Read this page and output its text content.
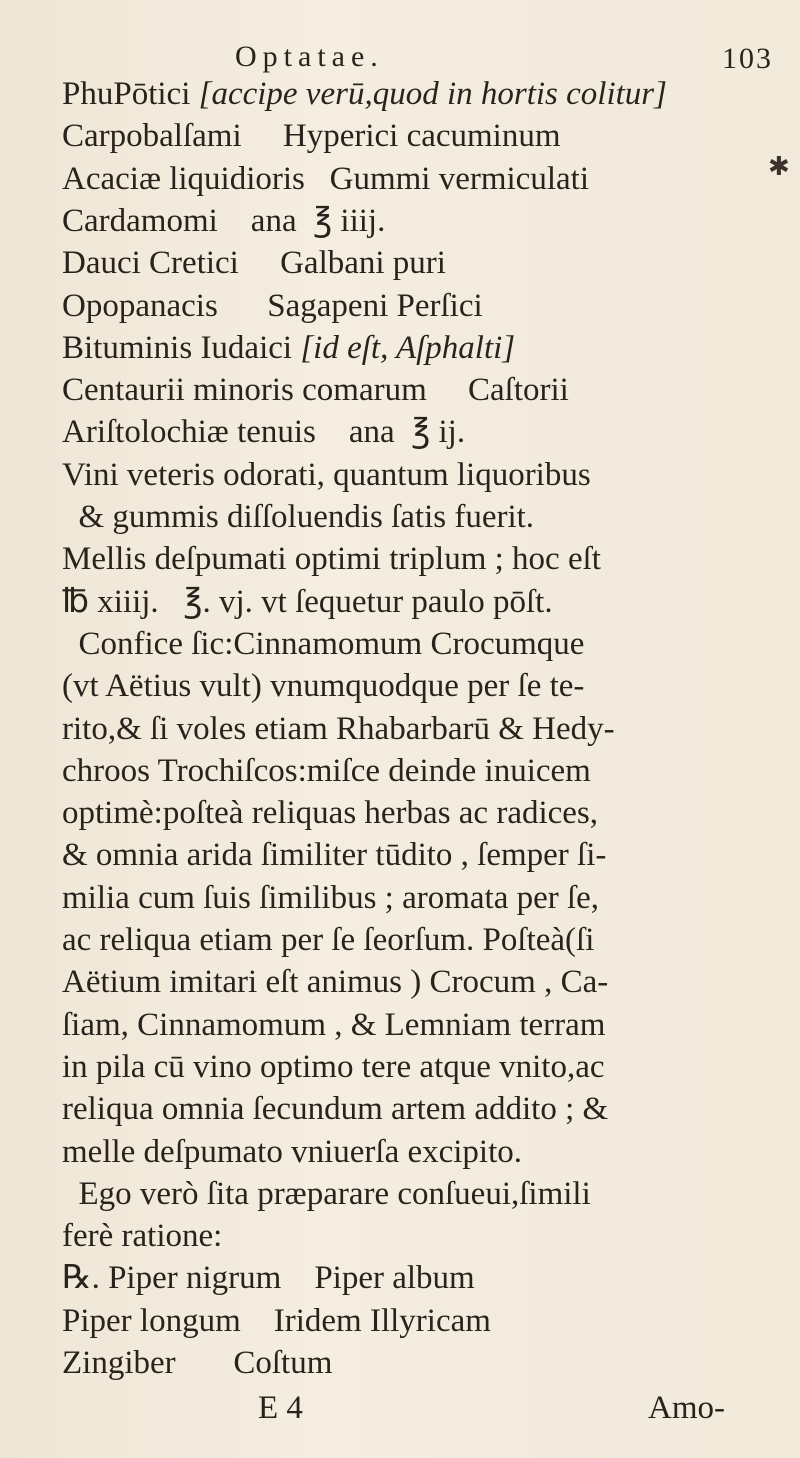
Optatae.	103
PhuPōtici [accipe verū,quod in hortis colitur]
Carpobalſami     Hyperici cacuminum
Acaciæ liquidioris   Gummi vermiculati
Cardamomi    ana  ℥ iiij.
Dauci Cretici     Galbani puri
Opopanacis      Sagapeni Perſici
Bituminis Iudaici [id eſt, Aſphalti]
Centaurii minoris comarum     Caſtorii
Ariſtolochiæ tenuis    ana  ℥ ij.
Vini veteris odorati, quantum liquoribus
& gummis diſſoluendis ſatis fuerit.
Mellis deſpumati optimi triplum ; hoc eſt
℔ xiiij.   ℥. vj. vt ſequetur paulo pōſt.
Confice ſic:Cinnamomum Crocumque
(vt Aëtius vult) vnumquodque per ſe te-
rito,& ſi voles etiam Rhabarbarū & Hedy-
chroos Trochiſcos:miſce deinde inuicem
optimè:poſteà reliquas herbas ac radices,
& omnia arida ſimiliter tūdito , ſemper ſi-
milia cum ſuis ſimilibus ; aromata per ſe,
ac reliqua etiam per ſe ſeorſum. Poſteà(ſi
Aëtium imitari eſt animus ) Crocum , Ca-
ſiam, Cinnamomum , & Lemniam terram
in pila cū vino optimo tere atque vnito,ac
reliqua omnia ſecundum artem addito ; &
melle deſpumato vniuerſa excipito.
Ego verò ſita præparare conſueui,ſimili
ferè ratione:
℞. Piper nigrum    Piper album
Piper longum    Iridem Illyricam
Zingiber       Coſtum
E 4	Amo-
✱
